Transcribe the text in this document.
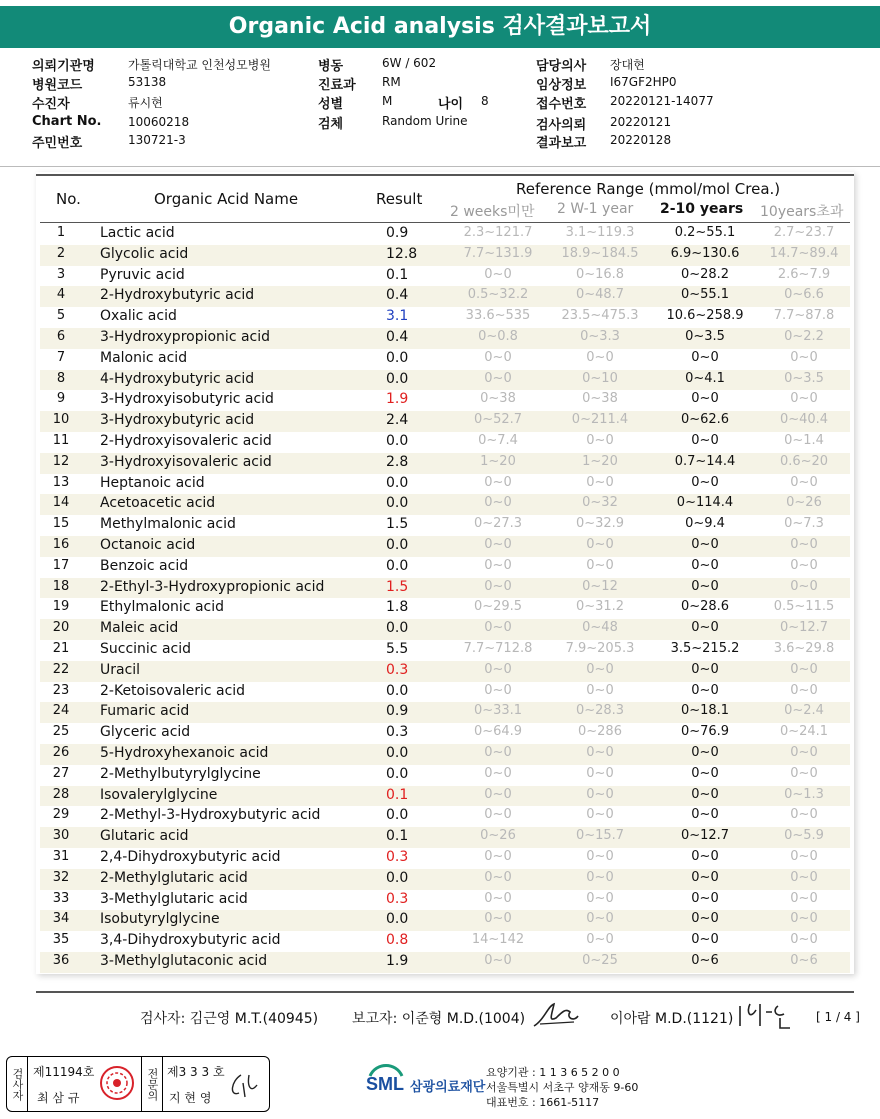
Organic Acid analysis 검사결과보고서
의뢰기관명	가톨릭대학교 인천성모병원
병원코드	53138
수진자	류시현
Chart No. 10060218
주민번호	130721-3
병동	6W / 602
진료과 RM
성별	M	나이 8
검체	Random Urine
담당의사 장대현
임상정보 I67GF2HP0
접수번호 20220121-14077
검사의뢰 20220121
결과보고 20220128
No.	Organic Acid Name	Result
Reference Range (mmol/mol Crea.)
2 weeks미만 2 W-1 year 2-10 years 10years초과
1	Lactic acid	0.9	2.3~121.7	3.1~119.3	0.2~55.1	2.7~23.7
2	Glycolic acid	12.8	7.7~131.9	18.9~184.5	6.9~130.6	14.7~89.4
3	Pyruvic acid	0.1	0~0	0~16.8	0~28.2	2.6~7.9
4	2-Hydroxybutyric acid	0.4	0.5~32.2	0~48.7	0~55.1	0~6.6
5	Oxalic acid	3.1	33.6~535	23.5~475.3	10.6~258.9	7.7~87.8
6	3-Hydroxypropionic acid	0.4	0~0.8	0~3.3	0~3.5	0~2.2
7	Malonic acid	0.0	0~0	0~0	0~0	0~0
8	4-Hydroxybutyric acid	0.0	0~0	0~10	0~4.1	0~3.5
9	3-Hydroxyisobutyric acid	1.9	0~38	0~38	0~0	0~0
10	3-Hydroxybutyric acid	2.4	0~52.7	0~211.4	0~62.6	0~40.4
11	2-Hydroxyisovaleric acid	0.0	0~7.4	0~0	0~0	0~1.4
12	3-Hydroxyisovaleric acid	2.8	1~20	1~20	0.7~14.4	0.6~20
13	Heptanoic acid	0.0	0~0	0~0	0~0	0~0
14	Acetoacetic acid	0.0	0~0	0~32	0~114.4	0~26
15	Methylmalonic acid	1.5	0~27.3	0~32.9	0~9.4	0~7.3
16	Octanoic acid	0.0	0~0	0~0	0~0	0~0
17	Benzoic acid	0.0	0~0	0~0	0~0	0~0
18	2-Ethyl-3-Hydroxypropionic acid	1.5	0~0	0~12	0~0	0~0
19	Ethylmalonic acid	1.8	0~29.5	0~31.2	0~28.6	0.5~11.5
20	Maleic acid	0.0	0~0	0~48	0~0	0~12.7
21	Succinic acid	5.5	7.7~712.8	7.9~205.3	3.5~215.2	3.6~29.8
22	Uracil	0.3	0~0	0~0	0~0	0~0
23	2-Ketoisovaleric acid	0.0	0~0	0~0	0~0	0~0
24	Fumaric acid	0.9	0~33.1	0~28.3	0~18.1	0~2.4
25	Glyceric acid	0.3	0~64.9	0~286	0~76.9	0~24.1
26	5-Hydroxyhexanoic acid	0.0	0~0	0~0	0~0	0~0
27	2-Methylbutyrylglycine	0.0	0~0	0~0	0~0	0~0
28	Isovalerylglycine	0.1	0~0	0~0	0~0	0~1.3
29	2-Methyl-3-Hydroxybutyric acid	0.0	0~0	0~0	0~0	0~0
30	Glutaric acid	0.1	0~26	0~15.7	0~12.7	0~5.9
31	2,4-Dihydroxybutyric acid	0.3	0~0	0~0	0~0	0~0
32	2-Methylglutaric acid	0.0	0~0	0~0	0~0	0~0
33	3-Methylglutaric acid	0.3	0~0	0~0	0~0	0~0
34	Isobutyrylglycine	0.0	0~0	0~0	0~0	0~0
35	3,4-Dihydroxybutyric acid	0.8	14~142	0~0	0~0	0~0
36	3-Methylglutaconic acid	1.9	0~0	0~25	0~6	0~6
검사자: 김근영 M.T.(40945) 보고자: 이준형 M.D.(1004)	이아람 M.D.(1121)	[ 1 / 4 ]
검사자 제11194호
최 삼 규	전문의 제3 3 3 호
지 현 영
SML 삼광의료재단
요양기관 : 1 1 3 6 5 2 0 0
서울특별시 서초구 양재동 9-60
대표번호 : 1661-5117
